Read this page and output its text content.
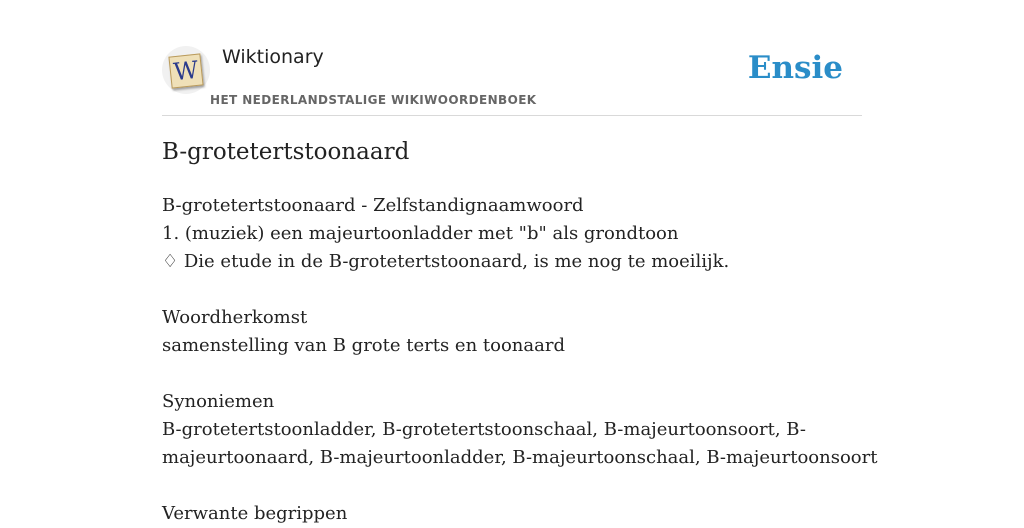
W Wiktionary
HET NEDERLANDSTALIGE WIKIWOORDENBOEK
Ensie
B-grotetertstoonaard
B-grotetertstoonaard - Zelfstandignaamwoord
1. (muziek) een majeurtoonladder met "b" als grondtoon
♢ Die etude in de B-grotetertstoonaard, is me nog te moeilijk.
Woordherkomst
samenstelling van B grote terts en toonaard
Synoniemen
B-grotetertstoonladder, B-grotetertstoonschaal, B-majeurtoonsoort, B-
majeurtoonaard, B-majeurtoonladder, B-majeurtoonschaal, B-majeurtoonsoort
Verwante begrippen
